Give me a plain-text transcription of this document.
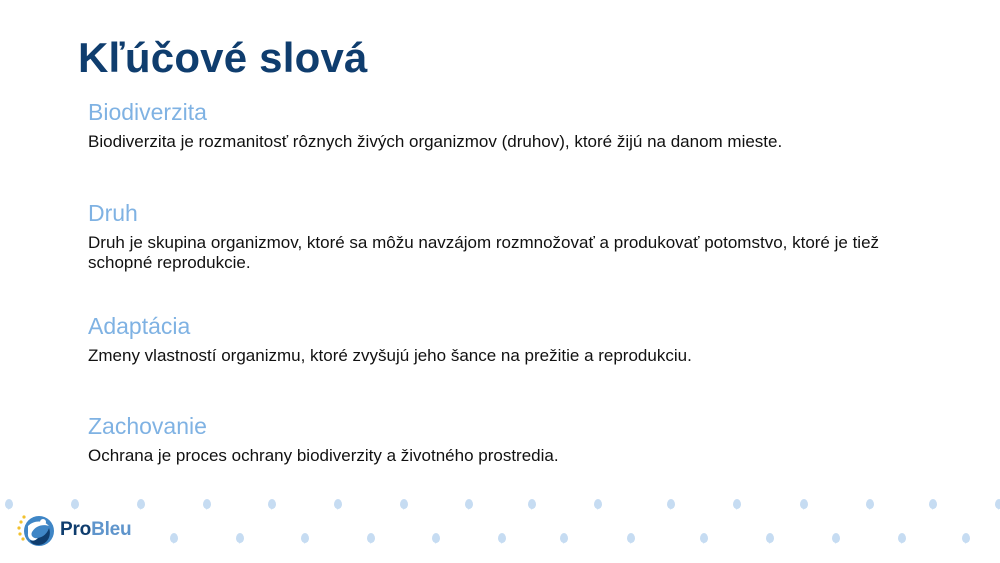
Kľúčové slová
Biodiverzita

Biodiverzita je rozmanitosť rôznych živých organizmov (druhov), ktoré žijú na danom mieste.

Druh

Druh je skupina organizmov, ktoré sa môžu navzájom rozmnožovať a produkovať potomstvo, ktoré je tiež schopné reprodukcie.

Adaptácia

Zmeny vlastností organizmu, ktoré zvyšujú jeho šance na prežitie a reprodukciu.

Zachovanie

Ochrana je proces ochrany biodiverzity a životného prostredia.

ProBleu
